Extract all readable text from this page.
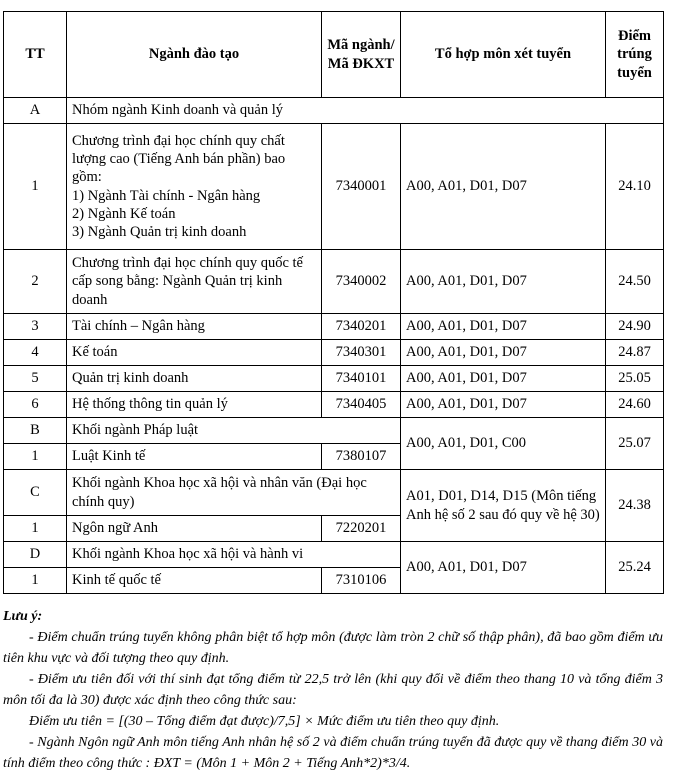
TT	Ngành đào tạo	Mã ngành/ Mã ĐKXT	Tổ hợp môn xét tuyển	Điểm trúng tuyển
A	Nhóm ngành Kinh doanh và quản lý			
1	Chương trình đại học chính quy chất lượng cao (Tiếng Anh bán phần) bao gồm:
1) Ngành Tài chính - Ngân hàng
2) Ngành Kế toán
3) Ngành Quản trị kinh doanh	7340001	A00, A01, D01, D07	24.10
2	Chương trình đại học chính quy quốc tế cấp song bằng: Ngành Quản trị kinh doanh	7340002	A00, A01, D01, D07	24.50
3	Tài chính – Ngân hàng	7340201	A00, A01, D01, D07	24.90
4	Kế toán	7340301	A00, A01, D01, D07	24.87
5	Quản trị kinh doanh	7340101	A00, A01, D01, D07	25.05
6	Hệ thống thông tin quản lý	7340405	A00, A01, D01, D07	24.60
B	Khối ngành Pháp luật		A00, A01, D01, C00	25.07
1	Luật Kinh tế	7380107		
C	Khối ngành Khoa học xã hội và nhân văn (Đại học chính quy)		A01, D01, D14, D15 (Môn tiếng Anh hệ số 2 sau đó quy về hệ 30)	24.38
1	Ngôn ngữ Anh	7220201		
D	Khối ngành Khoa học xã hội và hành vi		A00, A01, D01, D07	25.24
1	Kinh tế quốc tế	7310106		

Lưu ý:

- Điểm chuẩn trúng tuyển không phân biệt tổ hợp môn (được làm tròn 2 chữ số thập phân), đã bao gồm điểm ưu tiên khu vực và đối tượng theo quy định.

- Điểm ưu tiên đối với thí sinh đạt tổng điểm từ 22,5 trở lên (khi quy đổi về điểm theo thang 10 và tổng điểm 3 môn tối đa là 30) được xác định theo công thức sau:

Điểm ưu tiên = [(30 – Tổng điểm đạt được)/7,5] × Mức điểm ưu tiên theo quy định.

- Ngành Ngôn ngữ Anh môn tiếng Anh nhân hệ số 2 và điểm chuẩn trúng tuyển đã được quy về thang điểm 30 và tính điểm theo công thức : ĐXT = (Môn 1 + Môn 2 + Tiếng Anh*2)*3/4.
